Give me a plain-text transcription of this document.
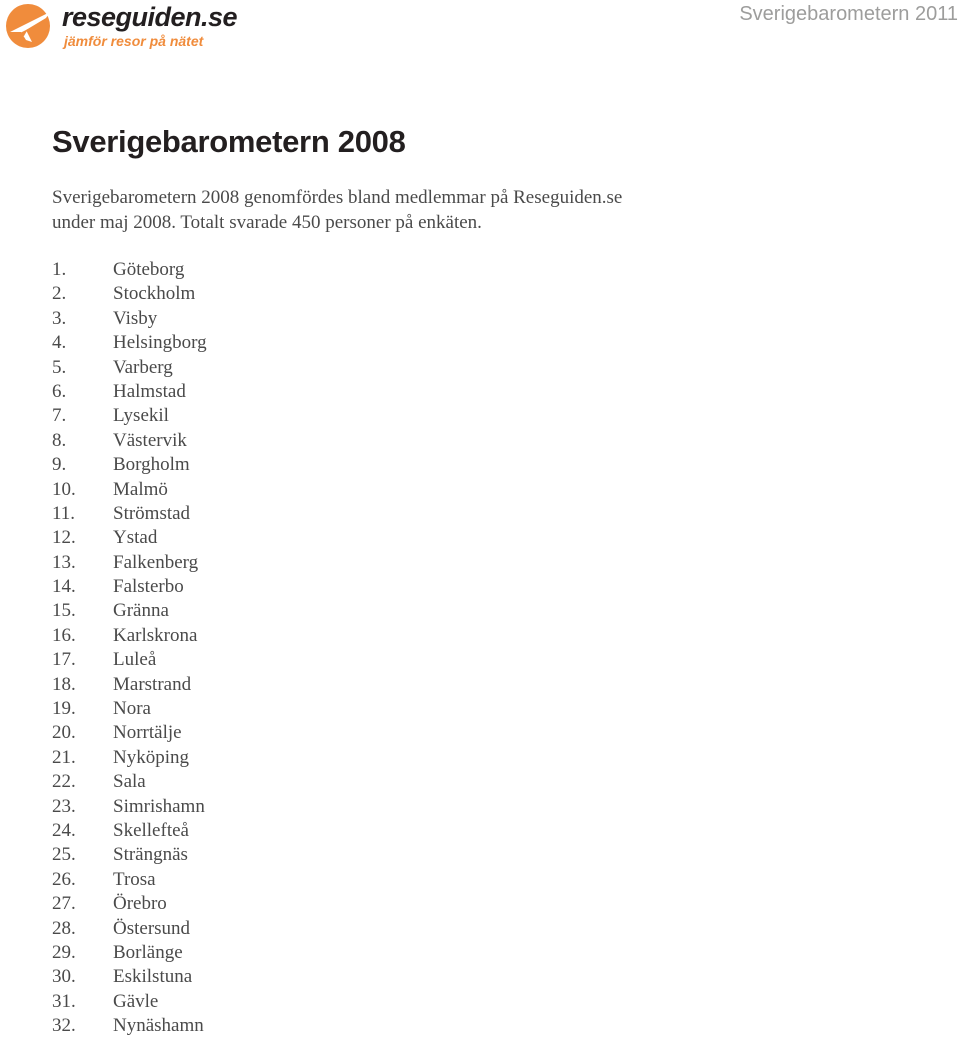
reseguiden.se
jämför resor på nätet
Sverigebarometern 2011
Sverigebarometern 2008
Sverigebarometern 2008 genomfördes bland medlemmar på Reseguiden.se
under maj 2008. Totalt svarade 450 personer på enkäten.
1. Göteborg
2. Stockholm
3. Visby
4. Helsingborg
5. Varberg
6. Halmstad
7. Lysekil
8. Västervik
9. Borgholm
10. Malmö
11. Strömstad
12. Ystad
13. Falkenberg
14. Falsterbo
15. Gränna
16. Karlskrona
17. Luleå
18. Marstrand
19. Nora
20. Norrtälje
21. Nyköping
22. Sala
23. Simrishamn
24. Skellefteå
25. Strängnäs
26. Trosa
27. Örebro
28. Östersund
29. Borlänge
30. Eskilstuna
31. Gävle
32. Nynäshamn
